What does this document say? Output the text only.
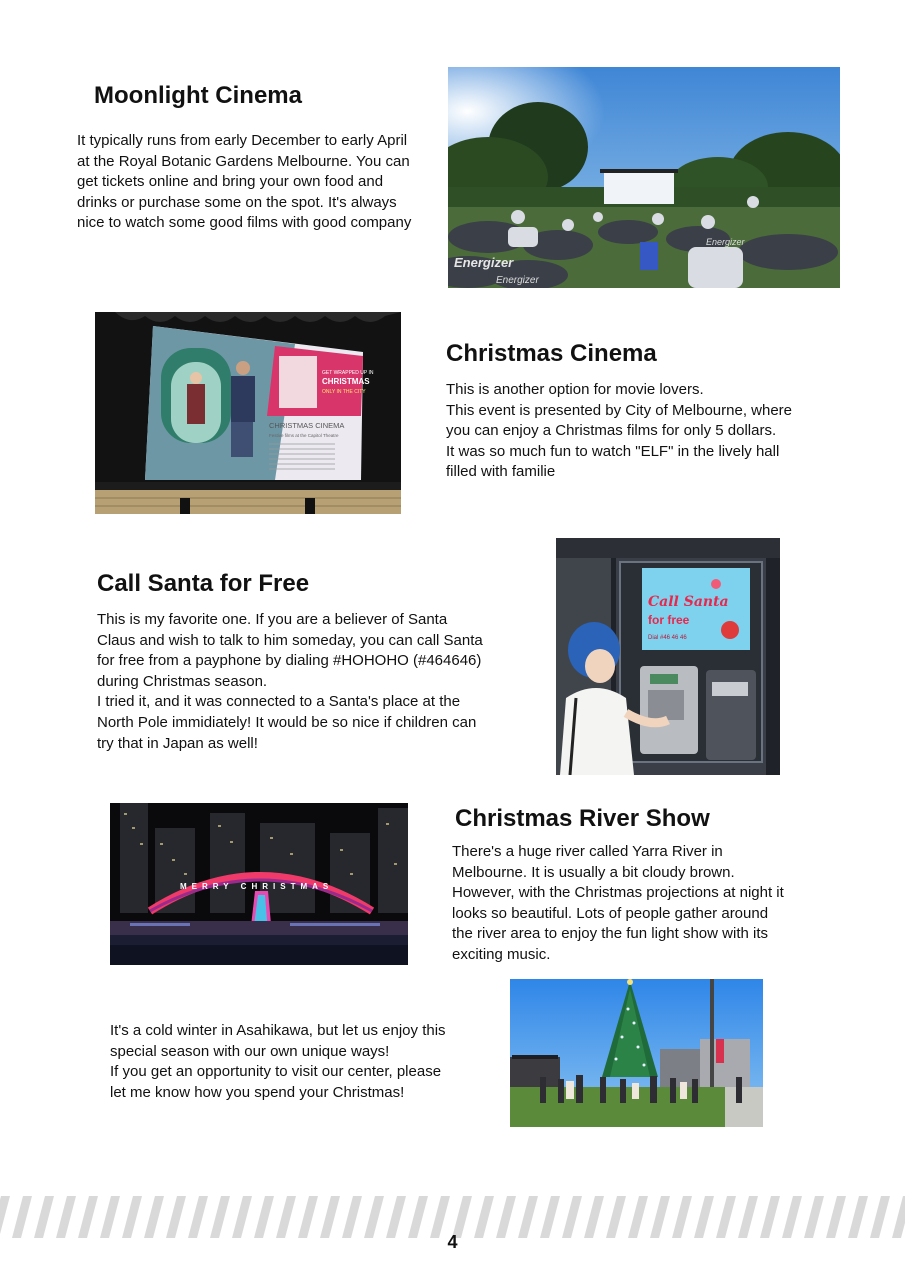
Moonlight Cinema
It typically runs from early December to early April
at the Royal Botanic Gardens Melbourne. You can
get tickets online and bring your own food and
drinks or purchase some on the spot. It's always
nice to watch some good films with good company
Energizer
Energizer
Energizer
GET WRAPPED UP IN
CHRISTMAS
ONLY IN THE CITY
CHRISTMAS CINEMA
Festive films at the Capitol Theatre
Christmas Cinema
This is another option for movie lovers.
This event is presented by City of Melbourne, where
you can enjoy a Christmas films for only 5 dollars.
It was so much fun to watch "ELF" in the lively hall
filled with familie
Call Santa for Free
This is my favorite one. If you are a believer of Santa
Claus and wish to talk to him someday, you can call Santa
for free from a payphone by dialing #HOHOHO (#464646)
during Christmas season.
I tried it, and it was connected to a Santa's place at the
North Pole immidiately! It would be so nice if children can
try that in Japan as well!
Call Santa
for free
Dial #46 46 46
MERRY CHRISTMAS
Christmas River Show
There's a huge river called Yarra River in
Melbourne. It is usually a bit cloudy brown.
However, with the Christmas projections at night it
looks so beautiful. Lots of people gather around
the river area to enjoy the fun light show with its
exciting music.
It's a cold winter in Asahikawa, but let us enjoy this
special season with our own unique ways!
If you get an opportunity to visit our center, please
let me know how you spend your Christmas!
4
